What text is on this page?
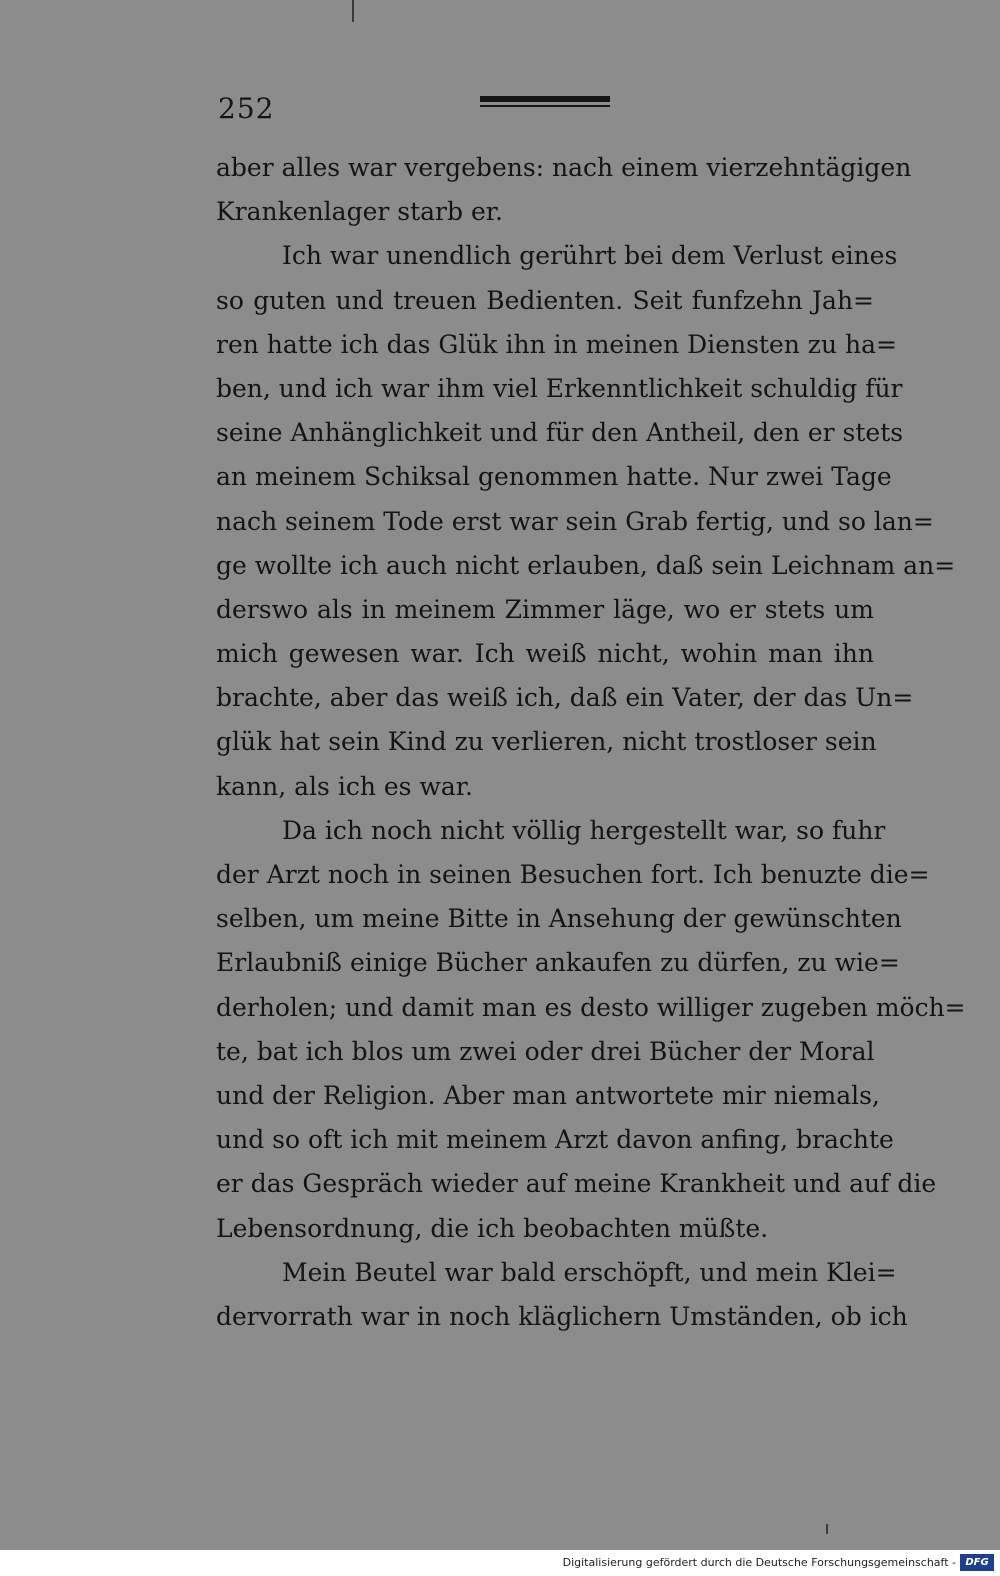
252
aber alles war vergebens: nach einem vierzehntägigen
Krankenlager starb er.
Ich war unendlich gerührt bei dem Verlust eines
so guten und treuen Bedienten. Seit funfzehn Jah=
ren hatte ich das Glük ihn in meinen Diensten zu ha=
ben, und ich war ihm viel Erkenntlichkeit schuldig für
seine Anhänglichkeit und für den Antheil, den er stets
an meinem Schiksal genommen hatte. Nur zwei Tage
nach seinem Tode erst war sein Grab fertig, und so lan=
ge wollte ich auch nicht erlauben, daß sein Leichnam an=
derswo als in meinem Zimmer läge, wo er stets um
mich gewesen war. Ich weiß nicht, wohin man ihn
brachte, aber das weiß ich, daß ein Vater, der das Un=
glük hat sein Kind zu verlieren, nicht trostloser sein
kann, als ich es war.
Da ich noch nicht völlig hergestellt war, so fuhr
der Arzt noch in seinen Besuchen fort. Ich benuzte die=
selben, um meine Bitte in Ansehung der gewünschten
Erlaubniß einige Bücher ankaufen zu dürfen, zu wie=
derholen; und damit man es desto williger zugeben möch=
te, bat ich blos um zwei oder drei Bücher der Moral
und der Religion. Aber man antwortete mir niemals,
und so oft ich mit meinem Arzt davon anfing, brachte
er das Gespräch wieder auf meine Krankheit und auf die
Lebensordnung, die ich beobachten müßte.
Mein Beutel war bald erschöpft, und mein Klei=
dervorrath war in noch kläglichern Umständen, ob ich
Digitalisierung gefördert durch die Deutsche Forschungsgemeinschaft - DFG
